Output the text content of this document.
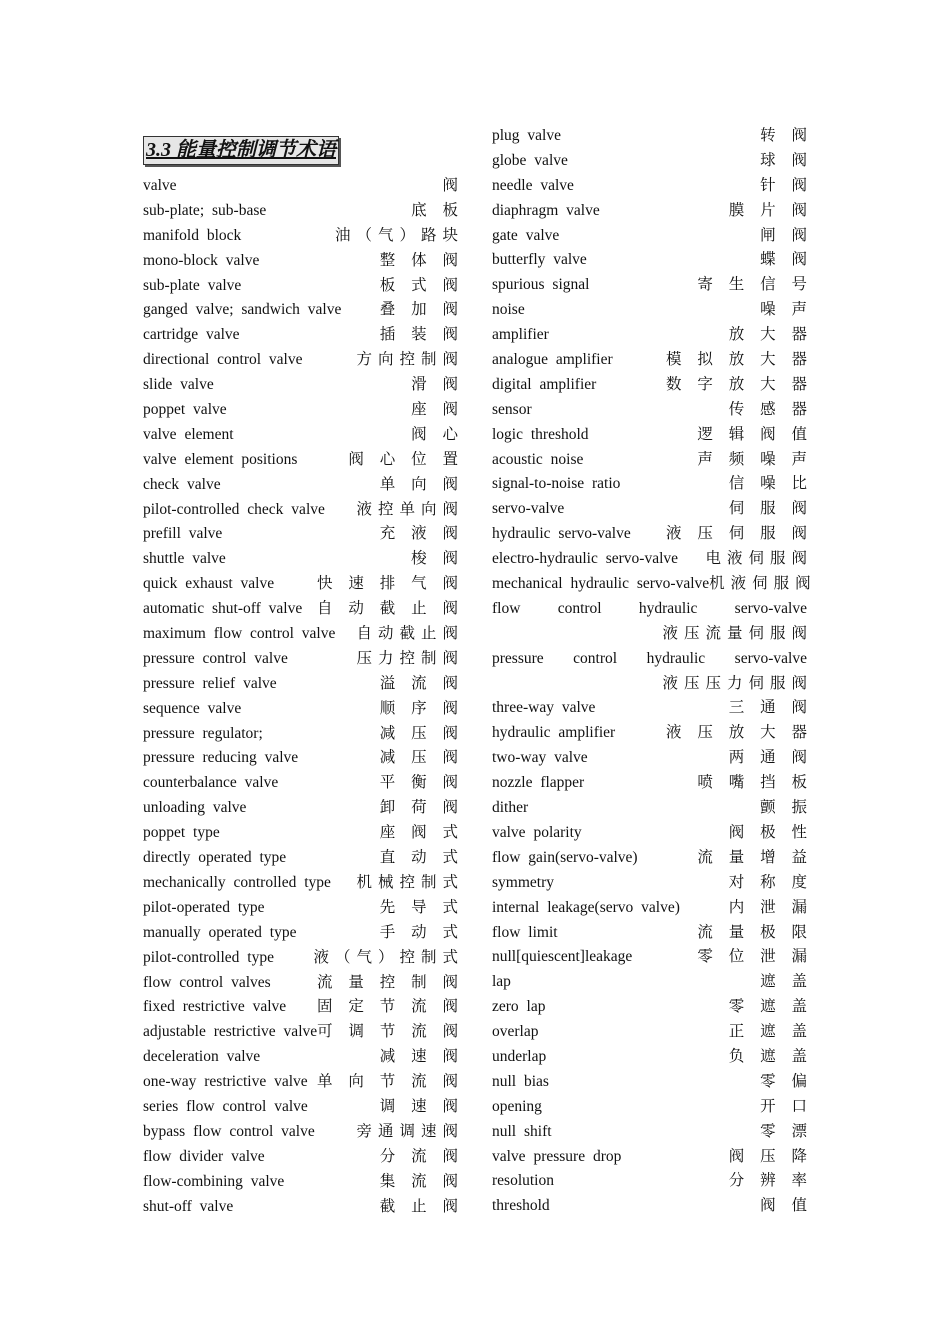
3.3 能量控制调节术语
valve	阀
sub-plate; sub-base	底 板
manifold block	油（气）路块
mono-block valve	整 体 阀
sub-plate valve	板 式 阀
ganged valve; sandwich valve 叠 加 阀
cartridge valve	插 装 阀
directional control valve	方向控制阀
slide valve	滑 阀
poppet valve	座 阀
valve element	阀 心
valve element positions	阀 心 位 置
check valve	单 向 阀
pilot-controlled check valve 液控单向阀
prefill valve	充 液 阀
shuttle valve	梭 阀
quick exhaust valve	快 速 排 气 阀
automatic shut-off valve 自 动 截 止 阀
maximum flow control valve 自动截止阀
pressure control valve	压力控制阀
pressure relief valve	溢 流 阀
sequence valve	顺 序 阀
pressure regulator;	减 压 阀
pressure reducing valve	减 压 阀
counterbalance valve	平 衡 阀
unloading valve	卸 荷 阀
poppet type	座 阀 式
directly operated type	直 动 式
mechanically controlled type 机械控制式
pilot-operated type	先 导 式
manually operated type	手 动 式
pilot-controlled type	液（气）控制式
flow control valves	流 量 控 制 阀
fixed restrictive valve 固 定 节 流 阀
adjustable restrictive valve 可 调 节 流 阀
deceleration valve	减 速 阀
one-way restrictive valve 单 向 节 流 阀
series flow control valve	调 速 阀
bypass flow control valve	旁通调速阀
flow divider valve	分 流 阀
flow-combining valve	集 流 阀
shut-off valve	截 止 阀
plug valve	转 阀
globe valve	球 阀
needle valve	针 阀
diaphragm valve	膜 片 阀
gate valve	闸 阀
butterfly valve	蝶 阀
spurious signal	寄 生 信 号
noise	噪 声
amplifier	放 大 器
analogue amplifier	模 拟 放 大 器
digital amplifier	数 字 放 大 器
sensor	传 感 器
logic threshold	逻 辑 阀 值
acoustic noise	声 频 噪 声
signal-to-noise ratio	信 噪 比
servo-valve	伺 服 阀
hydraulic servo-valve 液 压 伺 服 阀
electro-hydraulic servo-valve 电液伺服阀
mechanical hydraulic servo-valve 机液伺服阀
flow control hydraulic servo-valve
液压流量伺服阀
pressure control hydraulic servo-valve
液压压力伺服阀
three-way valve	三 通 阀
hydraulic amplifier	液 压 放 大 器
two-way valve	两 通 阀
nozzle flapper	喷 嘴 挡 板
dither	颤 振
valve polarity	阀 极 性
flow gain(servo-valve)	流 量 增 益
symmetry	对 称 度
internal leakage(servo valve)	内 泄 漏
flow limit	流 量 极 限
null[quiescent]leakage	零 位 泄 漏
lap	遮 盖
zero lap	零 遮 盖
overlap	正 遮 盖
underlap	负 遮 盖
null bias	零 偏
opening	开 口
null shift	零 漂
valve pressure drop	阀 压 降
resolution	分 辨 率
threshold	阀 值
